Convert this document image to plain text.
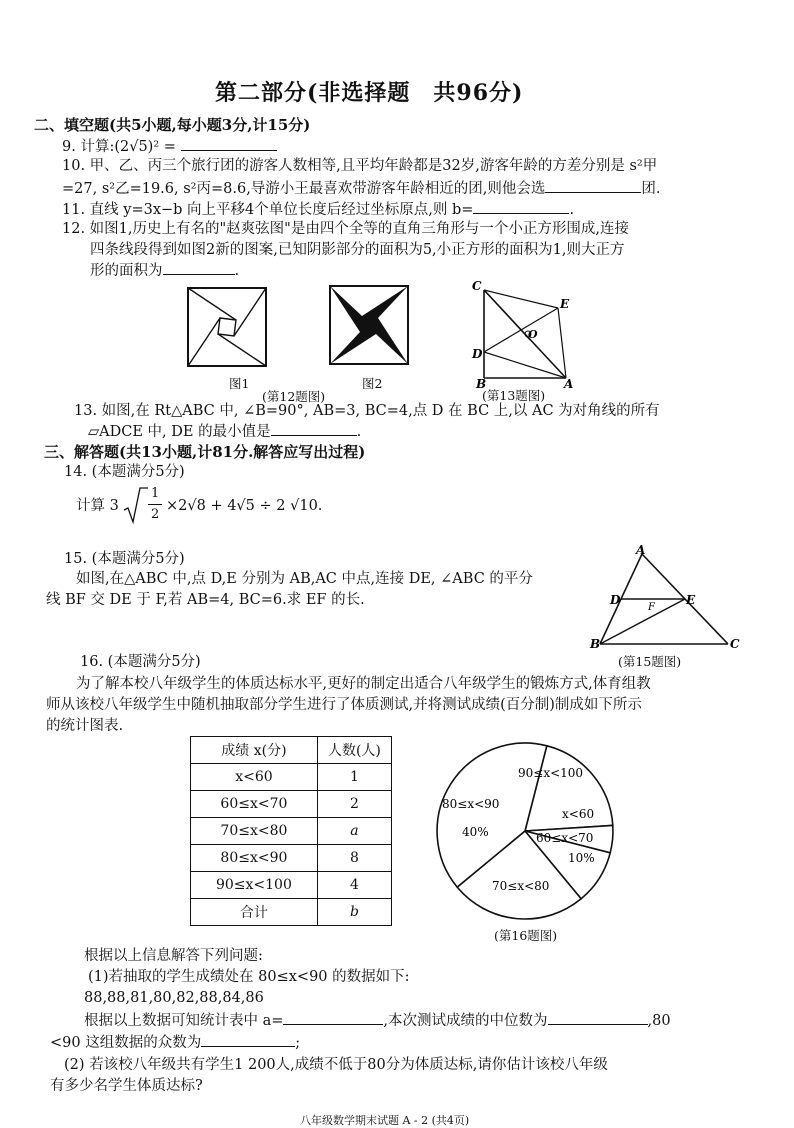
第二部分(非选择题　共96分)
二、填空题(共5小题,每小题3分,计15分)
9. 计算:(2√5)² =
10. 甲、乙、丙三个旅行团的游客人数相等,且平均年龄都是32岁,游客年龄的方差分别是 s²甲
=27, s²乙=19.6, s²丙=8.6,导游小王最喜欢带游客年龄相近的团,则他会选	团.
11. 直线 y=3x−b 向上平移4个单位长度后经过坐标原点,则 b=	.
12. 如图1,历史上有名的"赵爽弦图"是由四个全等的直角三角形与一个小正方形围成,连接
四条线段得到如图2新的图案,已知阴影部分的面积为5,小正方形的面积为1,则大正方
形的面积为	.
图1	图2
(第12题图)
C
E
D
B	A
O
(第13题图)
13. 如图,在 Rt△ABC 中, ∠B=90°, AB=3, BC=4,点 D 在 BC 上,以 AC 为对角线的所有
▱ADCE 中, DE 的最小值是	.
三、解答题(共13小题,计81分.解答应写出过程)
14. (本题满分5分)
计算 3
1
2
×2√8 + 4√5 ÷ 2 √10.
15. (本题满分5分)
如图,在△ABC 中,点 D,E 分别为 AB,AC 中点,连接 DE, ∠ABC 的平分
线 BF 交 DE 于 F,若 AB=4, BC=6.求 EF 的长.
A
D	E
F
B	C
(第15题图)
16. (本题满分5分)
为了解本校八年级学生的体质达标水平,更好的制定出适合八年级学生的锻炼方式,体育组教
师从该校八年级学生中随机抽取部分学生进行了体质测试,并将测试成绩(百分制)制成如下所示
的统计图表.
成绩 x(分)	人数(人)
x<60	1
60≤x<70	2
70≤x<80	a
80≤x<90	8
90≤x<100	4
合计	b
90≤x<100
x<60
60≤x<70
10%
70≤x<80
80≤x<90
40%
(第16题图)
根据以上信息解答下列问题:
(1)若抽取的学生成绩处在 80≤x<90 的数据如下:
88,88,81,80,82,88,84,86
根据以上数据可知统计表中 a=	,本次测试成绩的中位数为	,80
<90 这组数据的众数为	;
(2) 若该校八年级共有学生1 200人,成绩不低于80分为体质达标,请你估计该校八年级
有多少名学生体质达标?
八年级数学期末试题 A - 2 (共4页)
